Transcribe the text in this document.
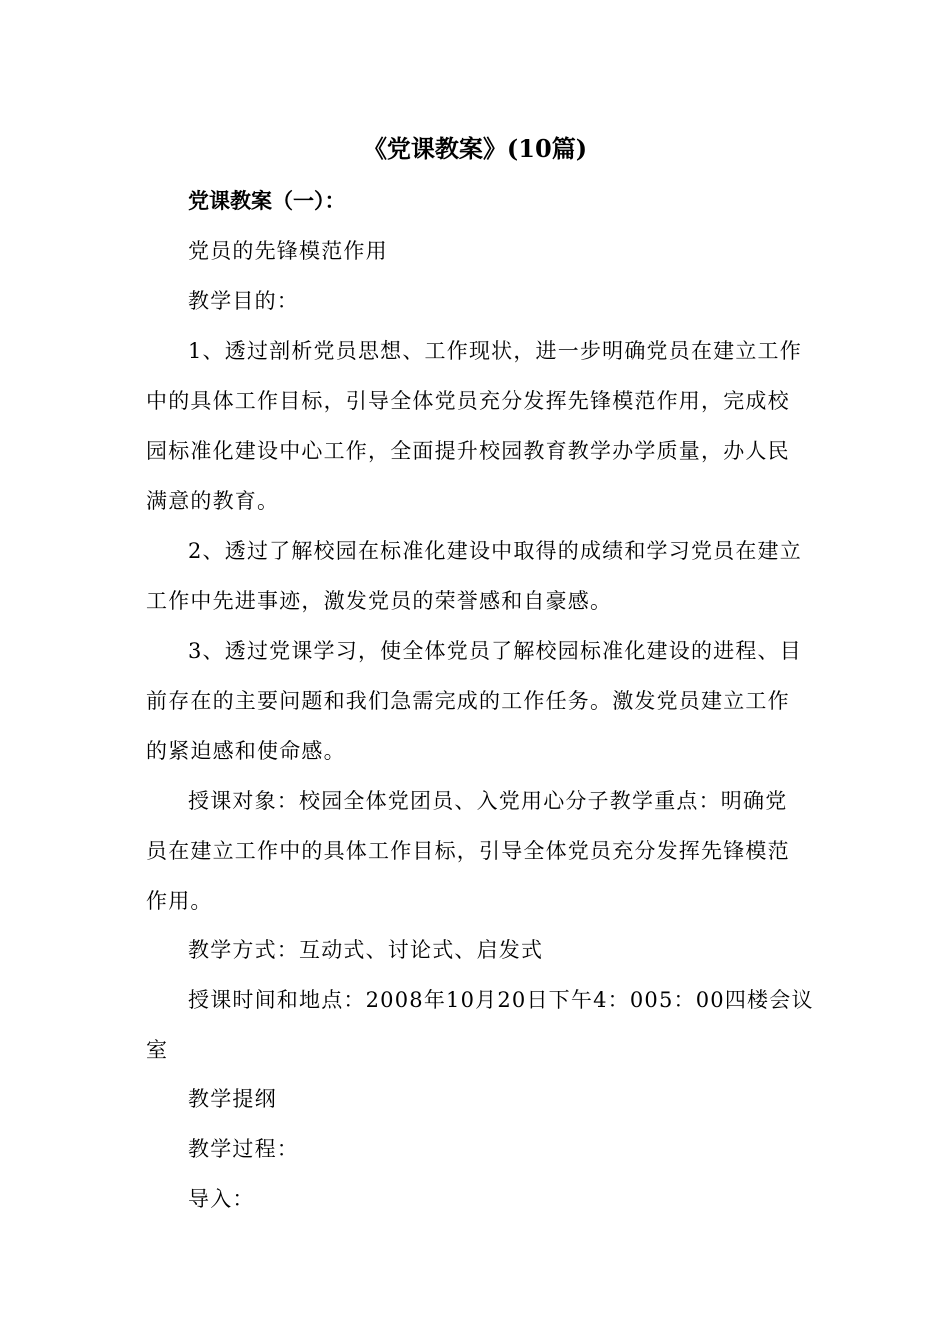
《党课教案》(10篇)
党课教案（一）：
党员的先锋模范作用
教学目的：
1、透过剖析党员思想、工作现状，进一步明确党员在建立工作
中的具体工作目标，引导全体党员充分发挥先锋模范作用，完成校
园标准化建设中心工作，全面提升校园教育教学办学质量，办人民
满意的教育。
2、透过了解校园在标准化建设中取得的成绩和学习党员在建立
工作中先进事迹，激发党员的荣誉感和自豪感。
3、透过党课学习，使全体党员了解校园标准化建设的进程、目
前存在的主要问题和我们急需完成的工作任务。激发党员建立工作
的紧迫感和使命感。
授课对象：校园全体党团员、入党用心分子教学重点：明确党
员在建立工作中的具体工作目标，引导全体党员充分发挥先锋模范
作用。
教学方式：互动式、讨论式、启发式
授课时间和地点：2008年10月20日下午4：005：00四楼会议
室
教学提纲
教学过程：
导入：
